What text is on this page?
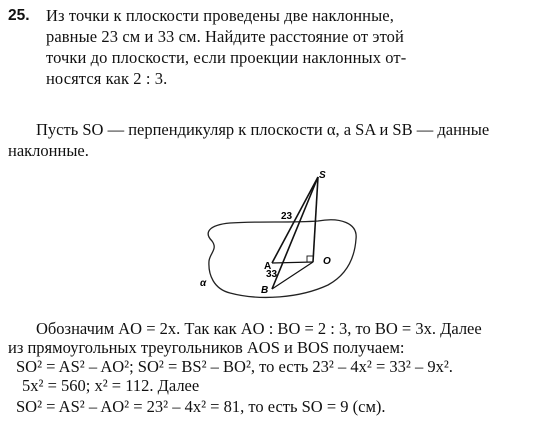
25. Из точки к плоскости проведены две наклонные,
равные 23 см и 33 см. Найдите расстояние от этой
точки до плоскости, если проекции наклонных от-
носятся как 2 : 3.
Пусть SO — перпендикуляр к плоскости α, а SA и SB — данные
наклонные.
S
A
B
O
α
23
33
Обозначим AO = 2x. Так как AO : BO = 2 : 3, то BO = 3x. Далее
из прямоугольных треугольников AOS и BOS получаем:
SO² = AS² – AO²; SO² = BS² – BO², то есть 23² – 4x² = 33² – 9x².
5x² = 560; x² = 112. Далее
SO² = AS² – AO² = 23² – 4x² = 81, то есть SO = 9 (см).
